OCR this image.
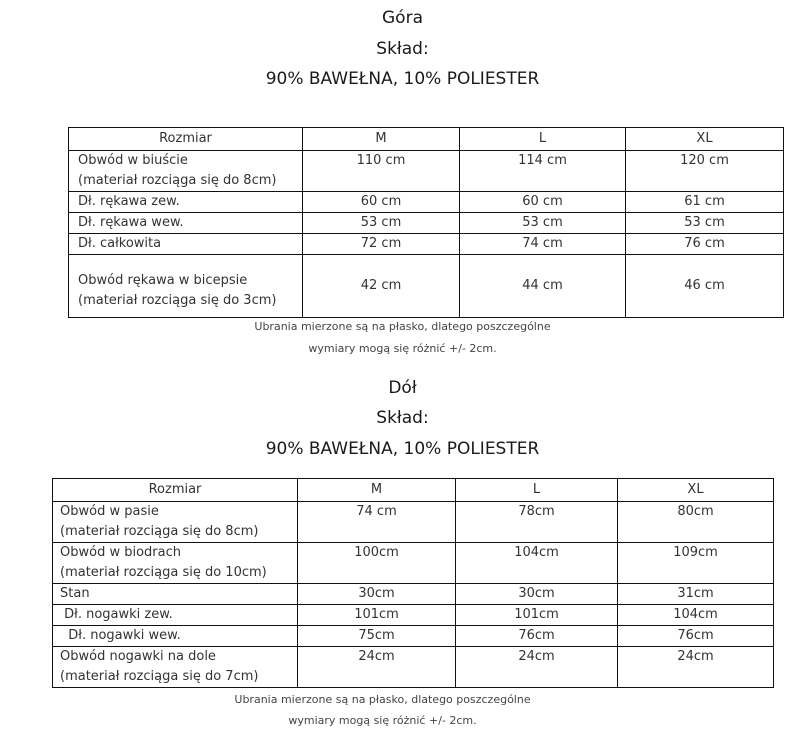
Góra
Skład:
90% BAWEŁNA, 10% POLIESTER
Rozmiar	M	L	XL

Obwód w biuście
(materiał rozciąga się do 8cm)	110 cm	114 cm	120 cm
Dł. rękawa zew.	60 cm	60 cm	61 cm
Dł. rękawa wew.	53 cm	53 cm	53 cm
Dł. całkowita	72 cm	74 cm	76 cm

Obwód rękawa w bicepsie
(materiał rozciąga się do 3cm)	42 cm	44 cm	46 cm
Ubrania mierzone są na płasko, dlatego poszczególne
wymiary mogą się różnić +/- 2cm.
Dół
Skład:
90% BAWEŁNA, 10% POLIESTER
Rozmiar	M	L	XL

Obwód w pasie
(materiał rozciąga się do 8cm)	74 cm	78cm	80cm

Obwód w biodrach
(materiał rozciąga się do 10cm)	100cm	104cm	109cm
Stan	30cm	30cm	31cm
Dł. nogawki zew.	101cm	101cm	104cm
Dł. nogawki wew.	75cm	76cm	76cm

Obwód nogawki na dole
(materiał rozciąga się do 7cm)	24cm	24cm	24cm
Ubrania mierzone są na płasko, dlatego poszczególne
wymiary mogą się różnić +/- 2cm.
